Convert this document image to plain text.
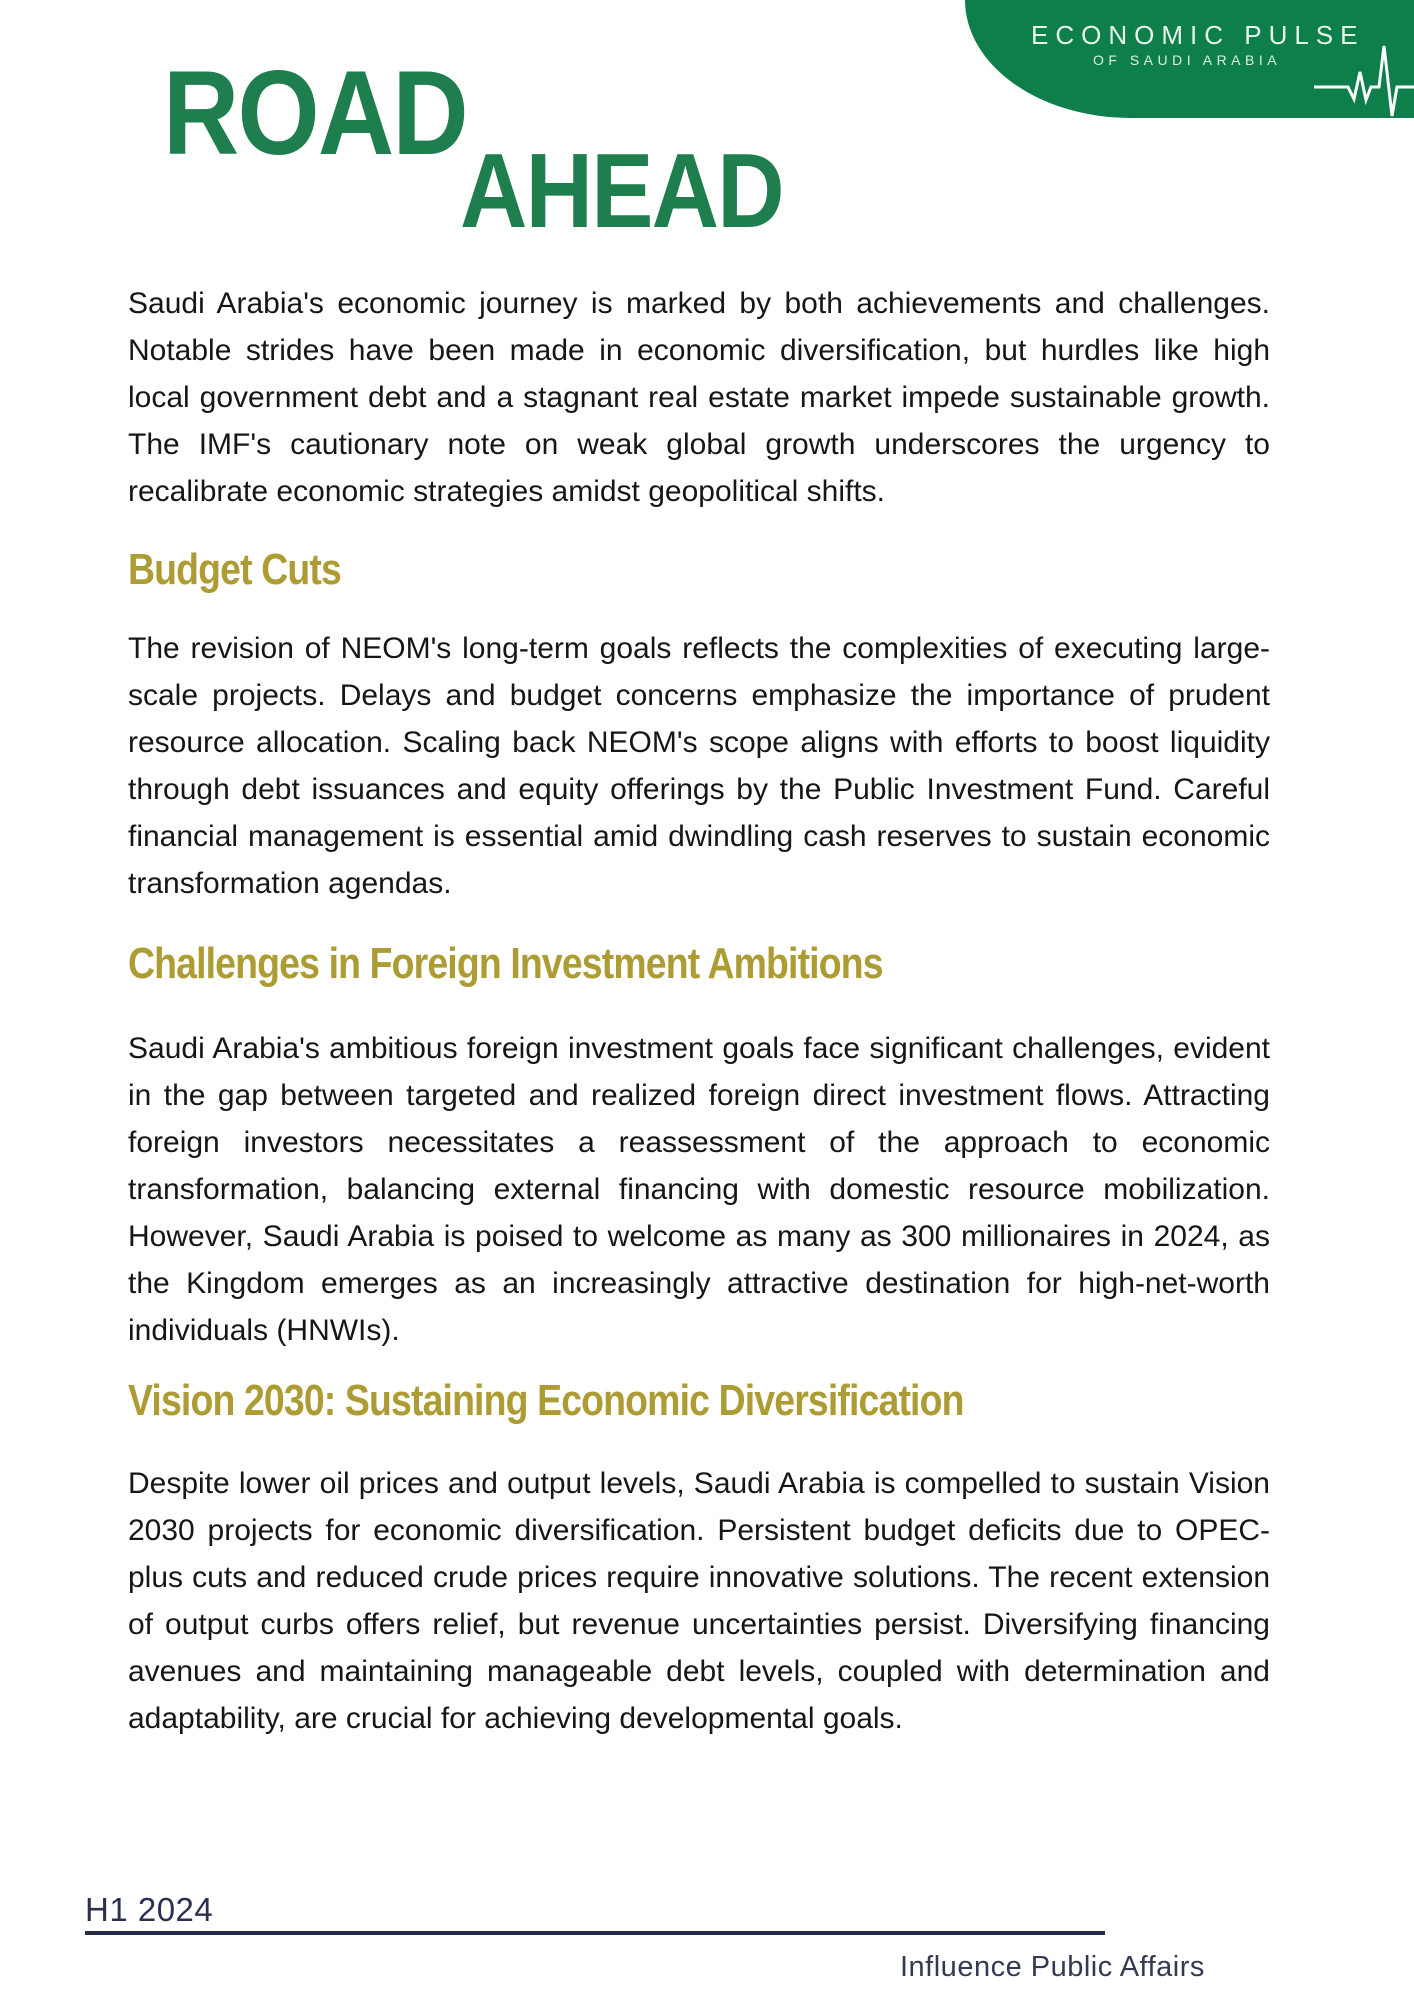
ECONOMIC PULSE
OF SAUDI ARABIA
ROAD
AHEAD

Saudi Arabia's economic journey is marked by both achievements and challenges. Notable strides have been made in economic diversification, but hurdles like high local government debt and a stagnant real estate market impede sustainable growth. The IMF's cautionary note on weak global growth underscores the urgency to recalibrate economic strategies amidst geopolitical shifts.

Budget Cuts

The revision of NEOM's long-term goals reflects the complexities of executing large-scale projects. Delays and budget concerns emphasize the importance of prudent resource allocation. Scaling back NEOM's scope aligns with efforts to boost liquidity through debt issuances and equity offerings by the Public Investment Fund. Careful financial management is essential amid dwindling cash reserves to sustain economic transformation agendas.

Challenges in Foreign Investment Ambitions

Saudi Arabia's ambitious foreign investment goals face significant challenges, evident in the gap between targeted and realized foreign direct investment flows. Attracting foreign investors necessitates a reassessment of the approach to economic transformation, balancing external financing with domestic resource mobilization. However, Saudi Arabia is poised to welcome as many as 300 millionaires in 2024, as the Kingdom emerges as an increasingly attractive destination for high-net-worth individuals (HNWIs).

Vision 2030: Sustaining Economic Diversification

Despite lower oil prices and output levels, Saudi Arabia is compelled to sustain Vision 2030 projects for economic diversification. Persistent budget deficits due to OPEC-plus cuts and reduced crude prices require innovative solutions. The recent extension of output curbs offers relief, but revenue uncertainties persist. Diversifying financing avenues and maintaining manageable debt levels, coupled with determination and adaptability, are crucial for achieving developmental goals.

H1 2024
Influence Public Affairs
